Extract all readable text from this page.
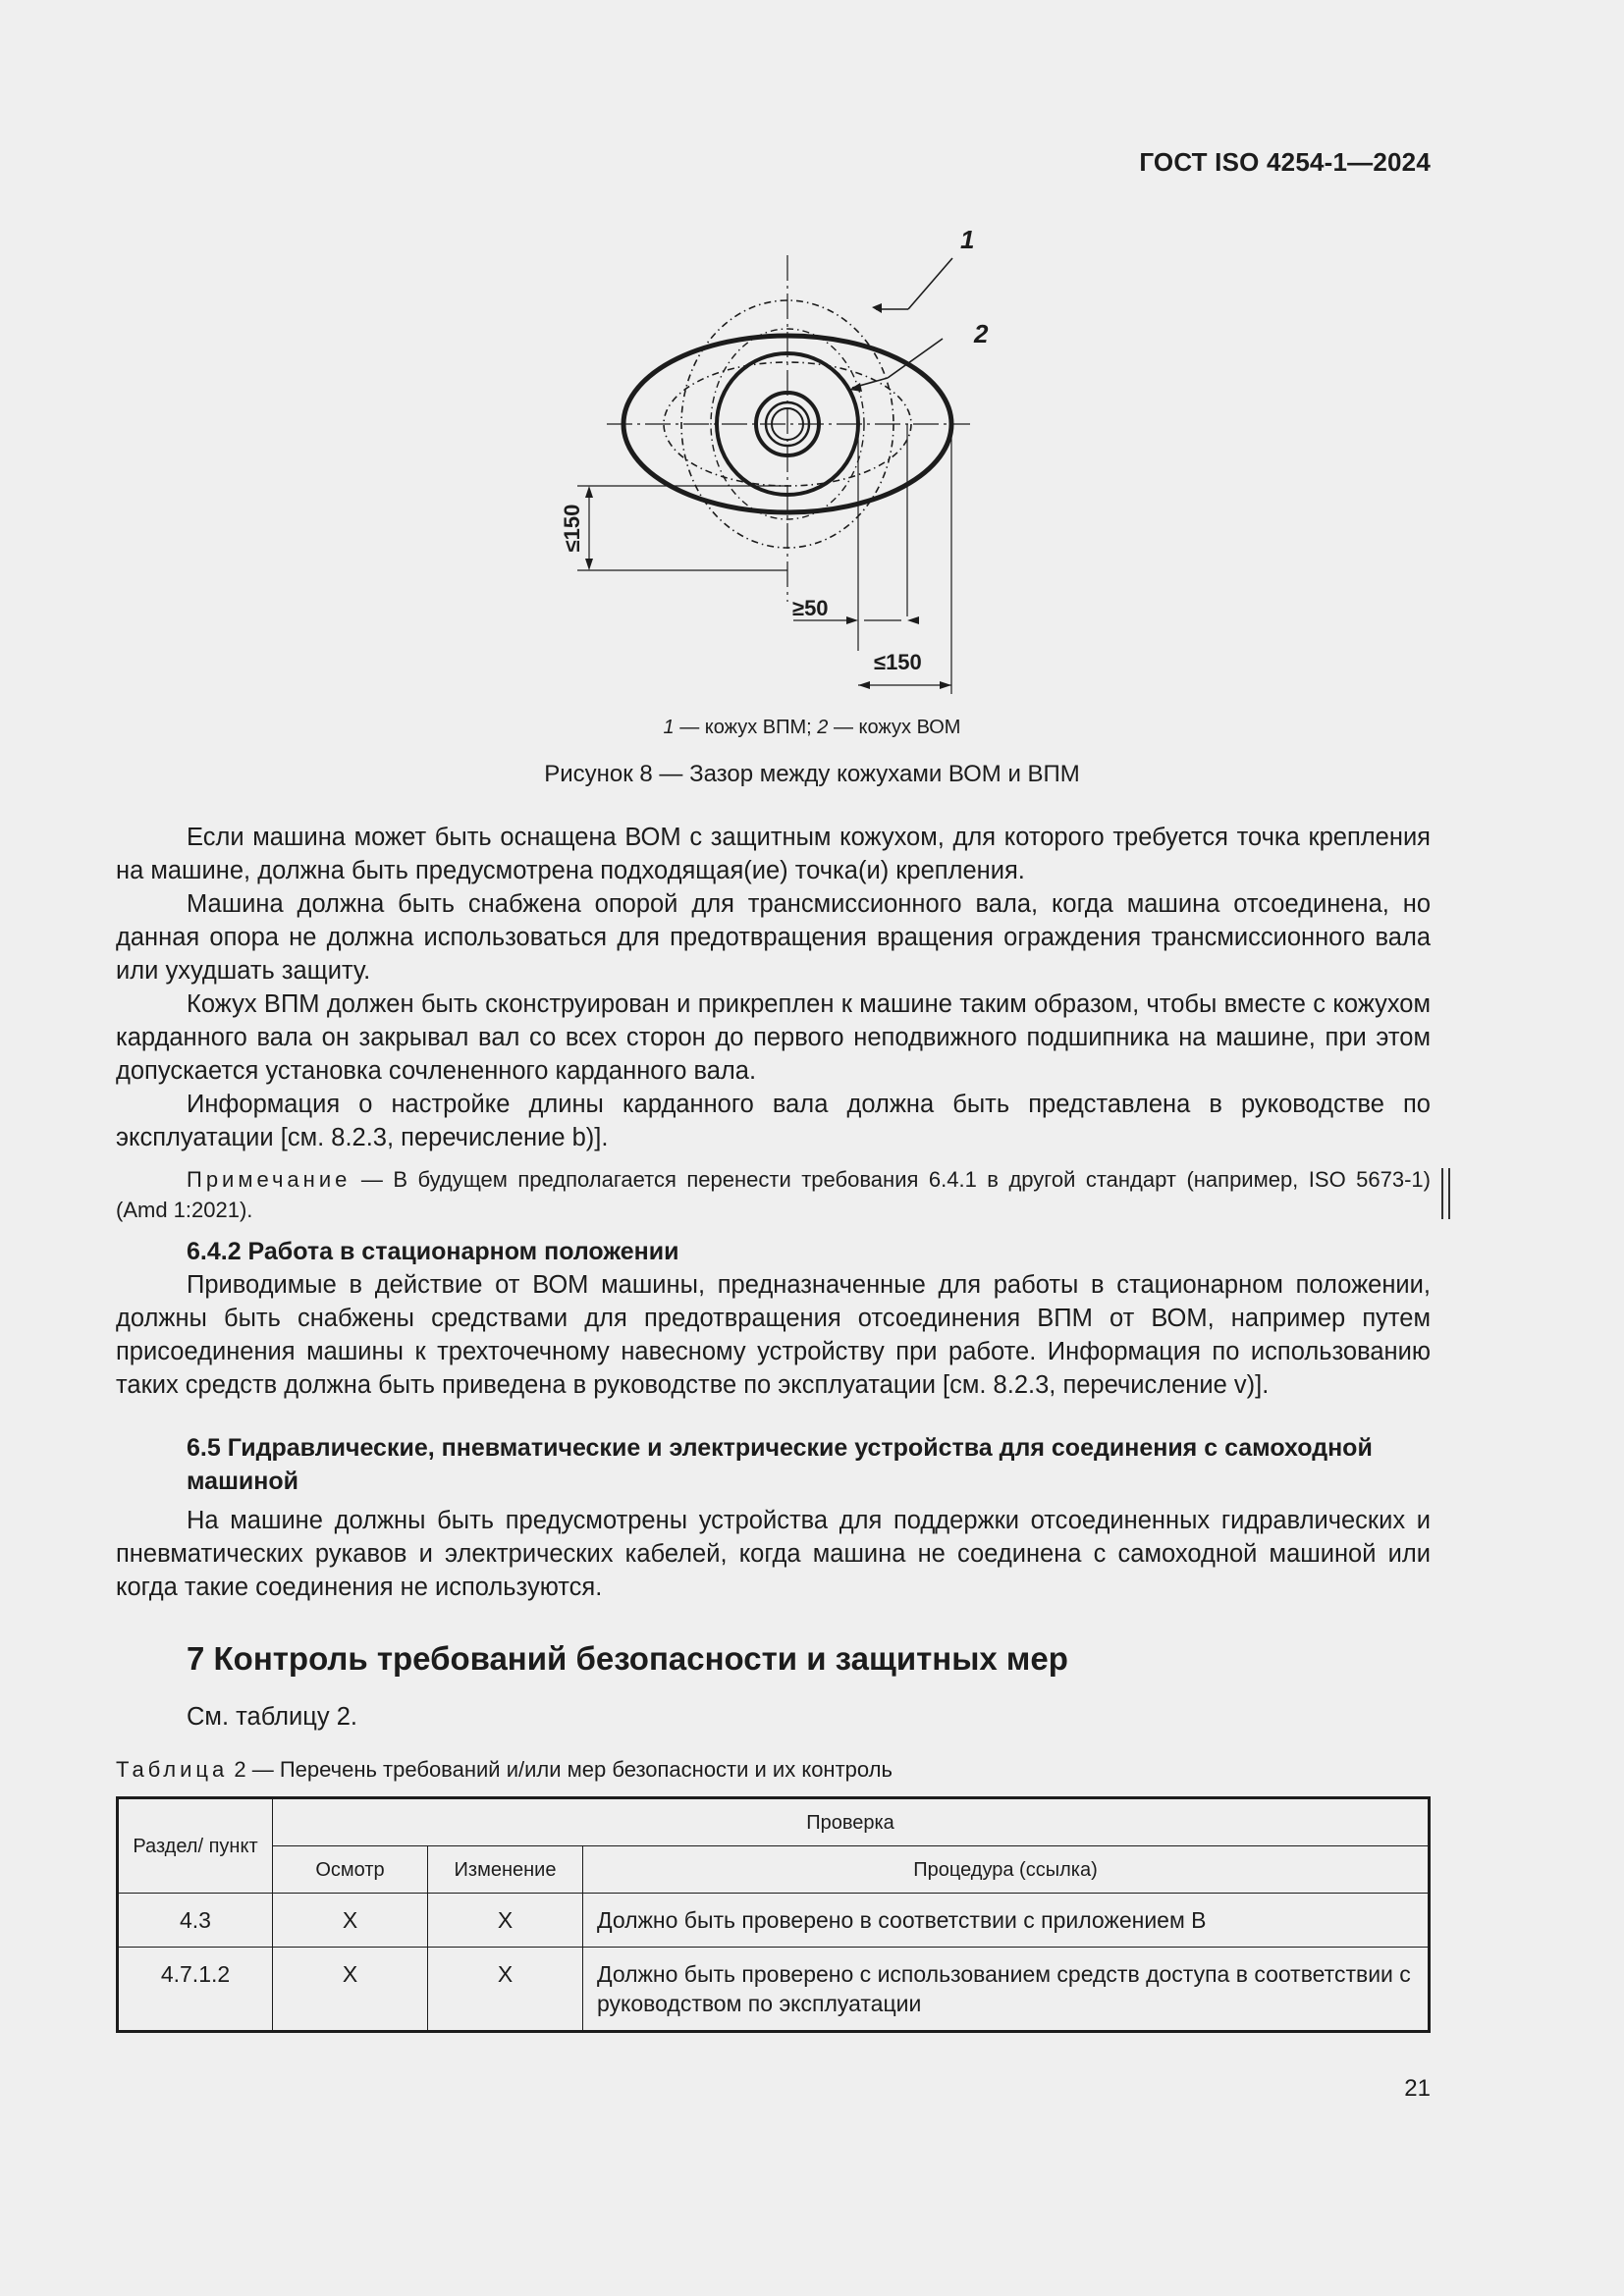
ГОСТ ISO 4254-1—2024
1
2
≤150
≥50
≤150
1 — кожух ВПМ; 2 — кожух ВОМ
Рисунок 8 — Зазор между кожухами ВОМ и ВПМ

Если машина может быть оснащена ВОМ с защитным кожухом, для которого требуется точка крепления на машине, должна быть предусмотрена подходящая(ие) точка(и) крепления.

Машина должна быть снабжена опорой для трансмиссионного вала, когда машина отсоединена, но данная опора не должна использоваться для предотвращения вращения ограждения трансмиссионного вала или ухудшать защиту.

Кожух ВПМ должен быть сконструирован и прикреплен к машине таким образом, чтобы вместе с кожухом карданного вала он закрывал вал со всех сторон до первого неподвижного подшипника на машине, при этом допускается установка сочлененного карданного вала.

Информация о настройке длины карданного вала должна быть представлена в руководстве по эксплуатации [см. 8.2.3, перечисление b)].

Примечание — В будущем предполагается перенести требования 6.4.1 в другой стандарт (например, ISO 5673-1) (Amd 1:2021).

6.4.2 Работа в стационарном положении

Приводимые в действие от ВОМ машины, предназначенные для работы в стационарном положении, должны быть снабжены средствами для предотвращения отсоединения ВПМ от ВОМ, например путем присоединения машины к трехточечному навесному устройству при работе. Информация по использованию таких средств должна быть приведена в руководстве по эксплуатации [см. 8.2.3, перечисление v)].

6.5 Гидравлические, пневматические и электрические устройства для соединения с самоходной машиной

На машине должны быть предусмотрены устройства для поддержки отсоединенных гидравлических и пневматических рукавов и электрических кабелей, когда машина не соединена с самоходной машиной или когда такие соединения не используются.

7 Контроль требований безопасности и защитных мер

См. таблицу 2.

Таблица 2 — Перечень требований и/или мер безопасности и их контроль
Раздел/ пункт	Проверка		
	Осмотр	Изменение	Процедура (ссылка)
4.3	X	X	Должно быть проверено в соответствии с приложением В
4.7.1.2	X	X	Должно быть проверено с использованием средств доступа в соответствии с руководством по эксплуатации
21
